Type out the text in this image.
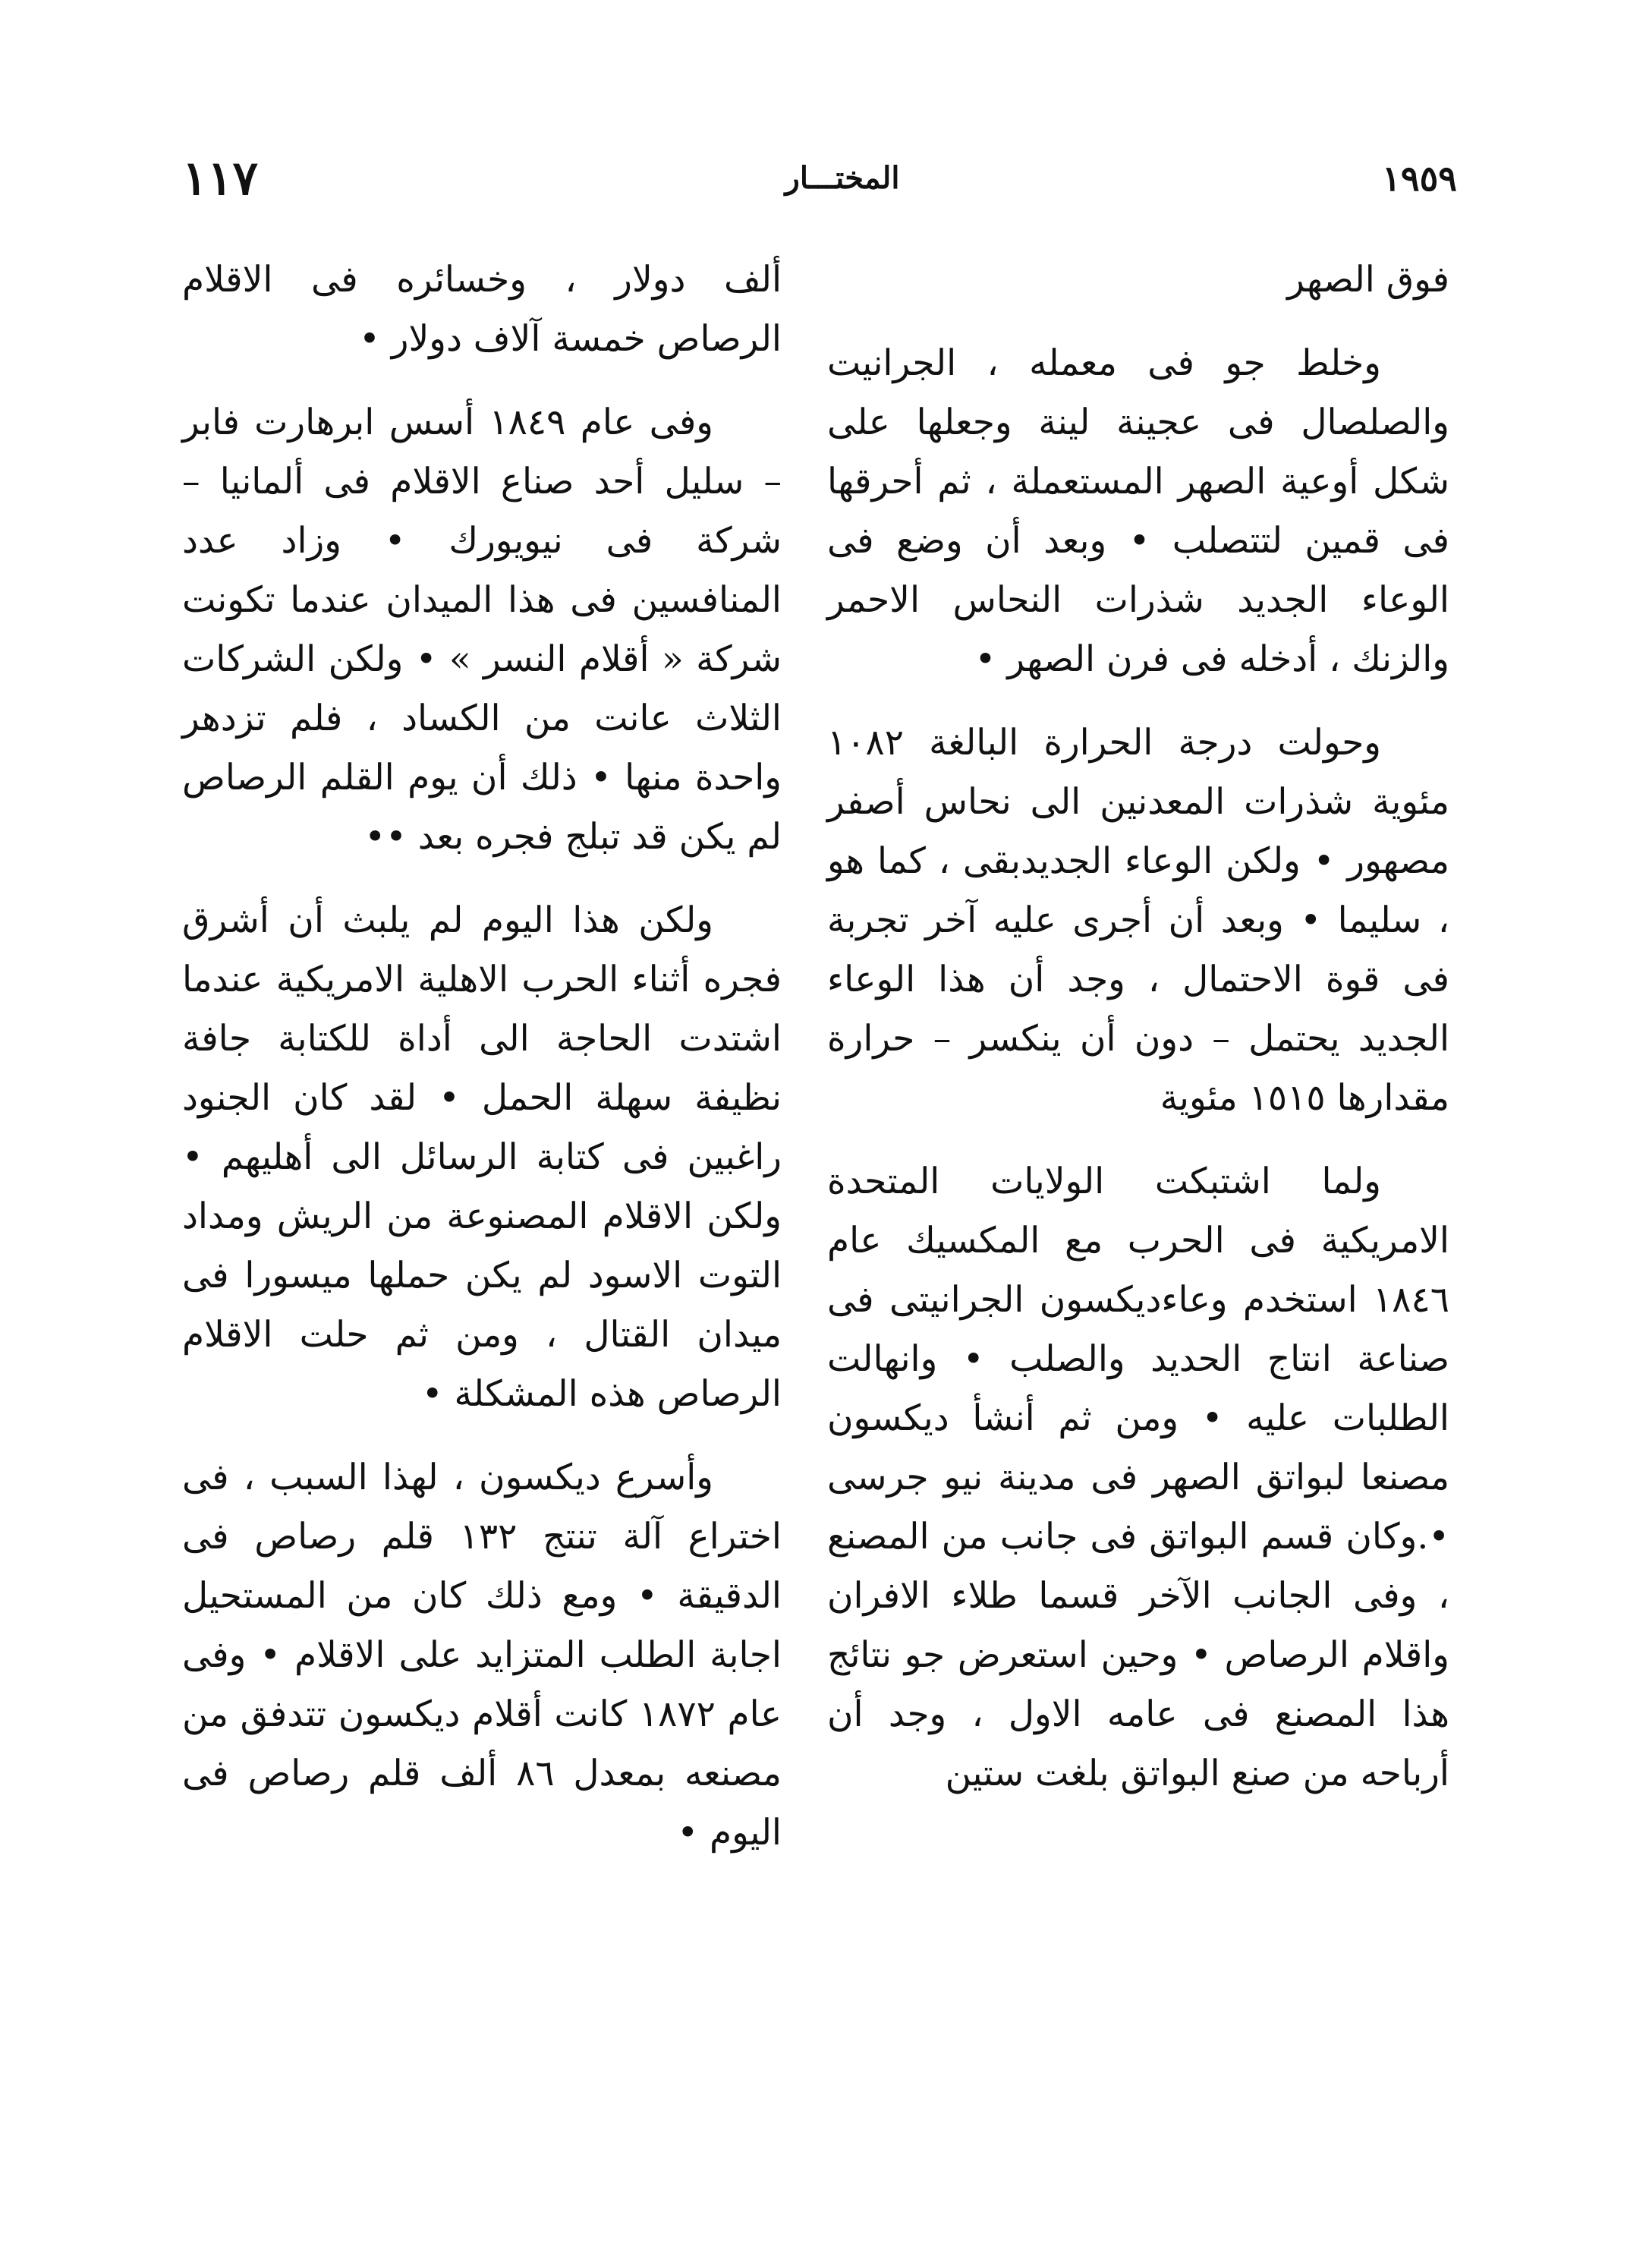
١١٧	المختـــار	١٩٥٩

فوق الصهر

وخلط جو فى معمله ، الجرانيت والصلصال فى عجينة لينة وجعلها على شكل أوعية الصهر المستعملة ، ثم أحرقها فى قمين لتتصلب • وبعد أن وضع فى الوعاء الجديد شذرات النحاس الاحمر والزنك ، أدخله فى فرن الصهر •

وحولت درجة الحرارة البالغة ١٠٨٢ مئوية شذرات المعدنين الى نحاس أصفر مصهور • ولكن الوعاء الجديدبقى ، كما هو ، سليما • وبعد أن أجرى عليه آخر تجربة فى قوة الاحتمال ، وجد أن هذا الوعاء الجديد يحتمل – دون أن ينكسر – حرارة مقدارها ١٥١٥ مئوية

ولما اشتبكت الولايات المتحدة الامريكية فى الحرب مع المكسيك عام ١٨٤٦ استخدم وعاءديكسون الجرانيتى فى صناعة انتاج الحديد والصلب • وانهالت الطلبات عليه • ومن ثم أنشأ ديكسون مصنعا لبواتق الصهر فى مدينة نيو جرسى •.وكان قسم البواتق فى جانب من المصنع ، وفى الجانب الآخر قسما طلاء الافران واقلام الرصاص • وحين استعرض جو نتائج هذا المصنع فى عامه الاول ، وجد أن أرباحه من صنع البواتق بلغت ستين

ألف دولار ، وخسائره فى الاقلام الرصاص خمسة آلاف دولار •

وفى عام ١٨٤٩ أسس ابرهارت فابر – سليل أحد صناع الاقلام فى ألمانيا – شركة فى نيويورك • وزاد عدد المنافسين فى هذا الميدان عندما تكونت شركة « أقلام النسر » • ولكن الشركات الثلاث عانت من الكساد ، فلم تزدهر واحدة منها • ذلك أن يوم القلم الرصاص لم يكن قد تبلج فجره بعد ••

ولكن هذا اليوم لم يلبث أن أشرق فجره أثناء الحرب الاهلية الامريكية عندما اشتدت الحاجة الى أداة للكتابة جافة نظيفة سهلة الحمل • لقد كان الجنود راغبين فى كتابة الرسائل الى أهليهم • ولكن الاقلام المصنوعة من الريش ومداد التوت الاسود لم يكن حملها ميسورا فى ميدان القتال ، ومن ثم حلت الاقلام الرصاص هذه المشكلة •

وأسرع ديكسون ، لهذا السبب ، فى اختراع آلة تنتج ١٣٢ قلم رصاص فى الدقيقة • ومع ذلك كان من المستحيل اجابة الطلب المتزايد على الاقلام • وفى عام ١٨٧٢ كانت أقلام ديكسون تتدفق من مصنعه بمعدل ٨٦ ألف قلم رصاص فى اليوم •
